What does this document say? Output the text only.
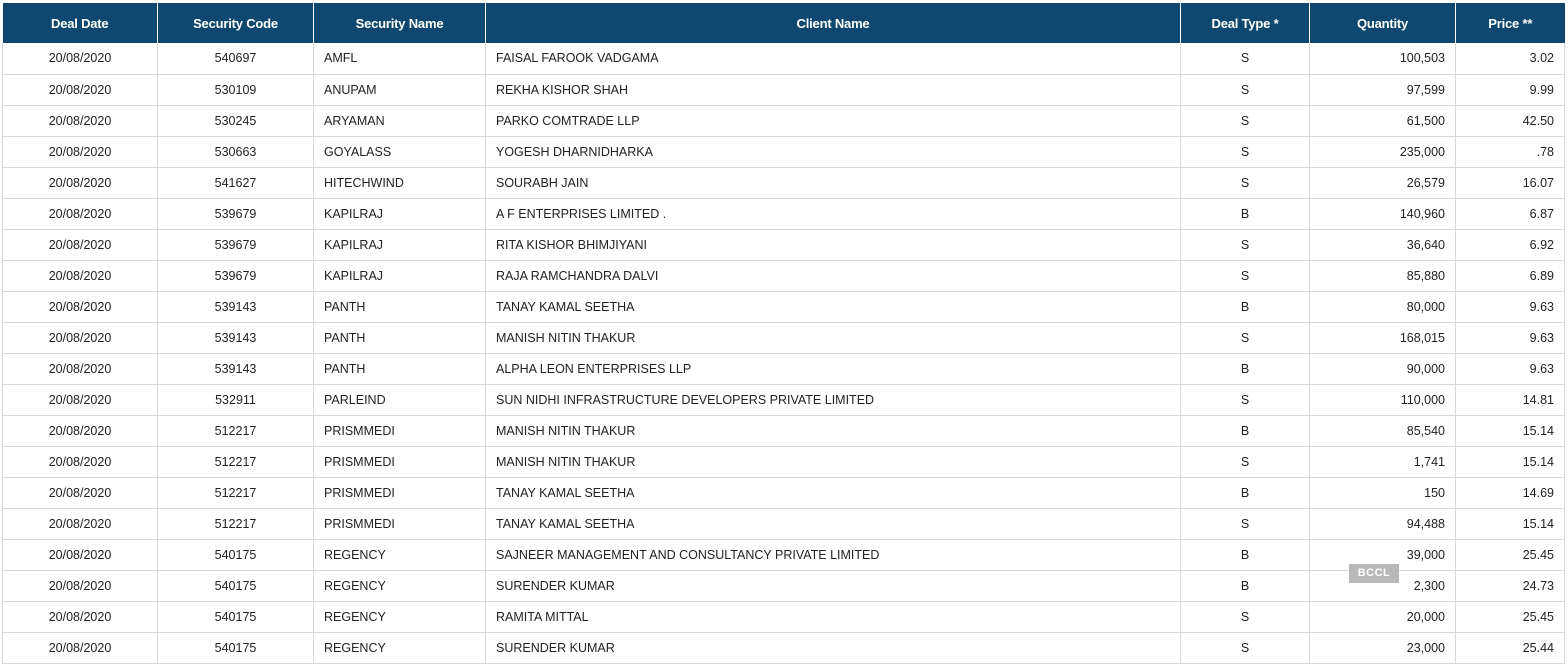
Deal Date	Security Code	Security Name	Client Name	Deal Type *	Quantity	Price **
20/08/2020	540697	AMFL	FAISAL FAROOK VADGAMA	S	100,503	3.02
20/08/2020	530109	ANUPAM	REKHA KISHOR SHAH	S	97,599	9.99
20/08/2020	530245	ARYAMAN	PARKO COMTRADE LLP	S	61,500	42.50
20/08/2020	530663	GOYALASS	YOGESH DHARNIDHARKA	S	235,000	.78
20/08/2020	541627	HITECHWIND	SOURABH JAIN	S	26,579	16.07
20/08/2020	539679	KAPILRAJ	A F ENTERPRISES LIMITED .	B	140,960	6.87
20/08/2020	539679	KAPILRAJ	RITA KISHOR BHIMJIYANI	S	36,640	6.92
20/08/2020	539679	KAPILRAJ	RAJA RAMCHANDRA DALVI	S	85,880	6.89
20/08/2020	539143	PANTH	TANAY KAMAL SEETHA	B	80,000	9.63
20/08/2020	539143	PANTH	MANISH NITIN THAKUR	S	168,015	9.63
20/08/2020	539143	PANTH	ALPHA LEON ENTERPRISES LLP	B	90,000	9.63
20/08/2020	532911	PARLEIND	SUN NIDHI INFRASTRUCTURE DEVELOPERS PRIVATE LIMITED	S	110,000	14.81
20/08/2020	512217	PRISMMEDI	MANISH NITIN THAKUR	B	85,540	15.14
20/08/2020	512217	PRISMMEDI	MANISH NITIN THAKUR	S	1,741	15.14
20/08/2020	512217	PRISMMEDI	TANAY KAMAL SEETHA	B	150	14.69
20/08/2020	512217	PRISMMEDI	TANAY KAMAL SEETHA	S	94,488	15.14
20/08/2020	540175	REGENCY	SAJNEER MANAGEMENT AND CONSULTANCY PRIVATE LIMITED	B	39,000	25.45
20/08/2020	540175	REGENCY	SURENDER KUMAR	B	2,300	24.73
20/08/2020	540175	REGENCY	RAMITA MITTAL	S	20,000	25.45
20/08/2020	540175	REGENCY	SURENDER KUMAR	S	23,000	25.44
BCCL
